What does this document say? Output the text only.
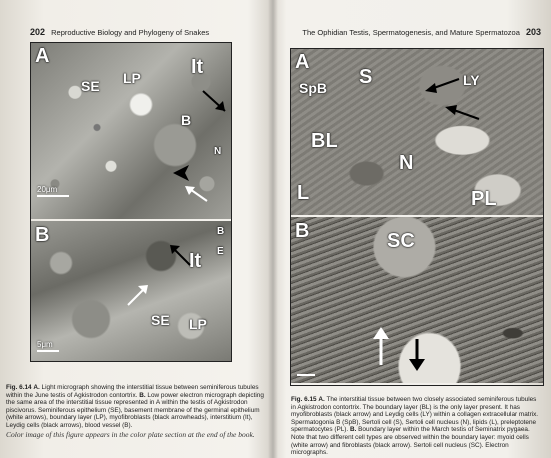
202 Reproductive Biology and Phylogeny of Snakes
A
SE LP	It
B
N
20μm
B
It
B
SE LP
E
5μm
Fig. 6.14 A. Light micrograph showing the interstitial tissue between seminiferous tubules within the June testis of Agkistrodon contortrix. B. Low power electron micrograph depicting the same area of the interstitial tissue represented in A within the testis of Agkistrodon piscivorus. Seminiferous epithelium (SE), basement membrane of the germinal epithelium (white arrows), boundary layer (LP), myofibroblasts (black arrowheads), interstitium (It), Leydig cells (black arrows), blood vessel (B).
Color image of this figure appears in the color plate section at the end of the book.
The Ophidian Testis, Spermatogenesis, and Mature Spermatozoa 203
A
SpB S	LY
BL
N
L	PL
B	SC
Fig. 6.15 A. The interstitial tissue between two closely associated seminiferous tubules in Agkistrodon contortrix. The boundary layer (BL) is the only layer present. It has myofibroblasts (black arrow) and Leydig cells (LY) within a collagen extracellular matrix. Spermatogonia B (SpB), Sertoli cell (S), Sertoli cell nucleus (N), lipids (L), preleptotene spermatocytes (PL). B. Boundary layer within the March testis of Seminatrix pygaea. Note that two different cell types are observed within the boundary layer: myoid cells (white arrow) and fibroblasts (black arrow). Sertoli cell nucleus (SC). Electron micrographs.
